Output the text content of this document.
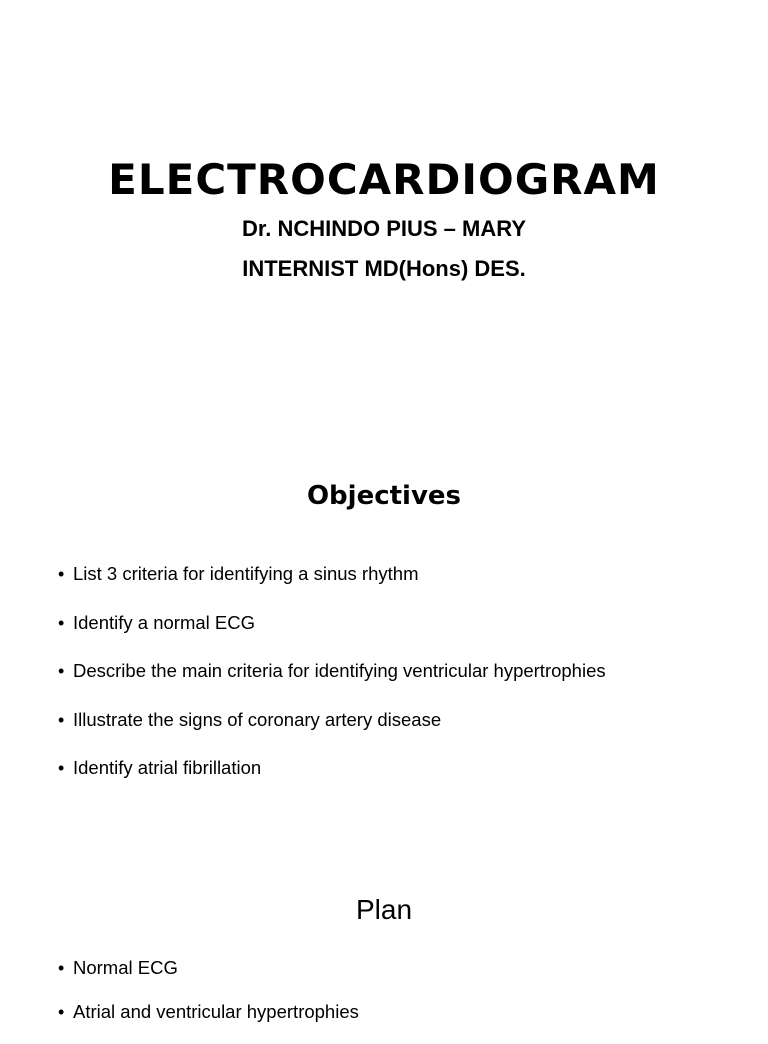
ELECTROCARDIOGRAM

Dr. NCHINDO PIUS – MARY

INTERNIST MD(Hons) DES.

Objectives
• List 3 criteria for identifying a sinus rhythm
• Identify a normal ECG
• Describe the main criteria for identifying ventricular hypertrophies
• Illustrate the signs of coronary artery disease
• Identify atrial fibrillation
Plan
• Normal ECG
• Atrial and ventricular hypertrophies
